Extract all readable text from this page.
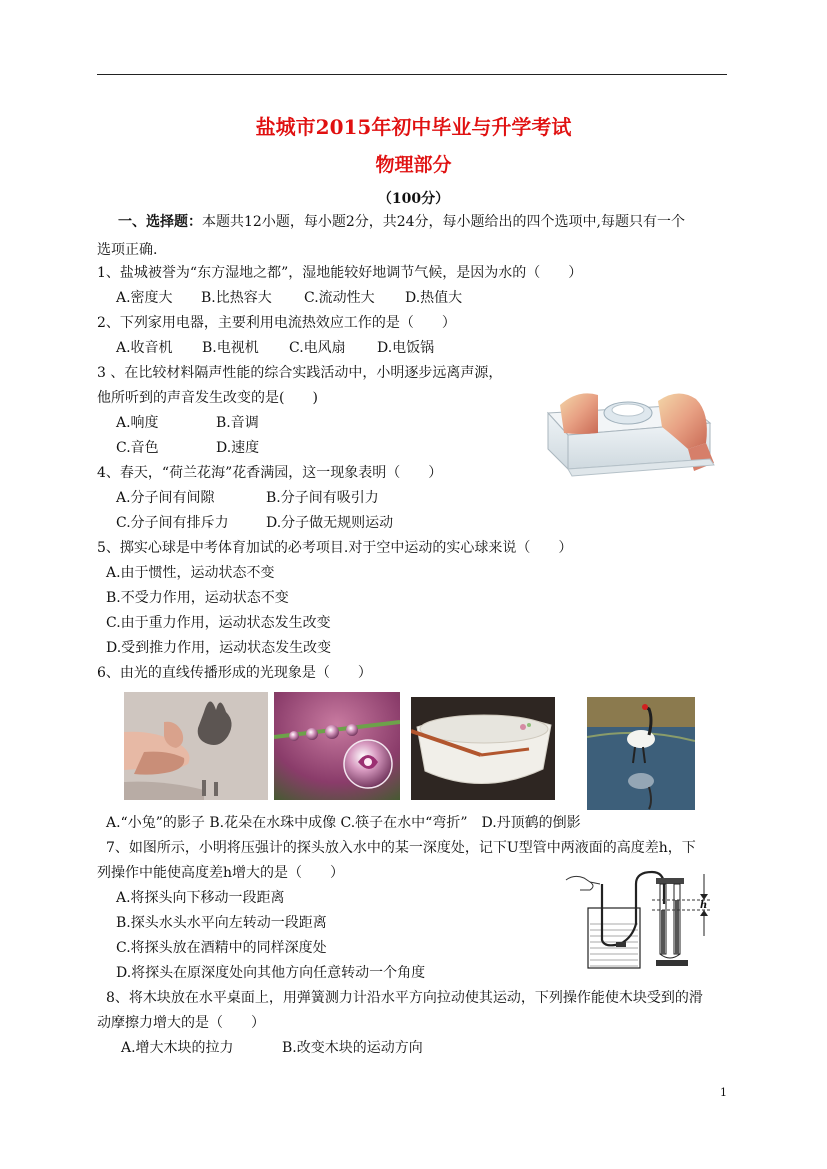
盐城市2015年初中毕业与升学考试
物理部分
（100分）
一、选择题：本题共12小题，每小题2分，共24分，每小题给出的四个选项中,每题只有一个
选项正确.
1、盐城被誉为“东方湿地之都”，湿地能较好地调节气候，是因为水的（　　）
A.密度大 B.比热容大 C.流动性大 D.热值大
2、下列家用电器，主要利用电流热效应工作的是（　　）
A.收音机 B.电视机 C.电风扇 D.电饭锅
3 、在比较材料隔声性能的综合实践活动中，小明逐步远离声源，
他所听到的声音发生改变的是(　　)
A.响度	B.音调
C.音色	D.速度
4、春天，“荷兰花海”花香满园，这一现象表明（　　）
A.分子间有间隙	B.分子间有吸引力
C.分子间有排斥力	D.分子做无规则运动
5、掷实心球是中考体育加试的必考项目.对于空中运动的实心球来说（　　）
A.由于惯性，运动状态不变
B.不受力作用，运动状态不变
C.由于重力作用，运动状态发生改变
D.受到推力作用，运动状态发生改变
6、由光的直线传播形成的光现象是（　　）
A.“小兔”的影子 B.花朵在水珠中成像 C.筷子在水中“弯折”　D.丹顶鹤的倒影
7、如图所示，小明将压强计的探头放入水中的某一深度处，记下U型管中两液面的高度差h，下
列操作中能使高度差h增大的是（　　）
A.将探头向下移动一段距离
B.探头水头水平向左转动一段距离
C.将探头放在酒精中的同样深度处
D.将探头在原深度处向其他方向任意转动一个角度
h
8、将木块放在水平桌面上，用弹簧测力计沿水平方向拉动使其运动，下列操作能使木块受到的滑
动摩擦力增大的是（　　）
A.增大木块的拉力	B.改变木块的运动方向
1
